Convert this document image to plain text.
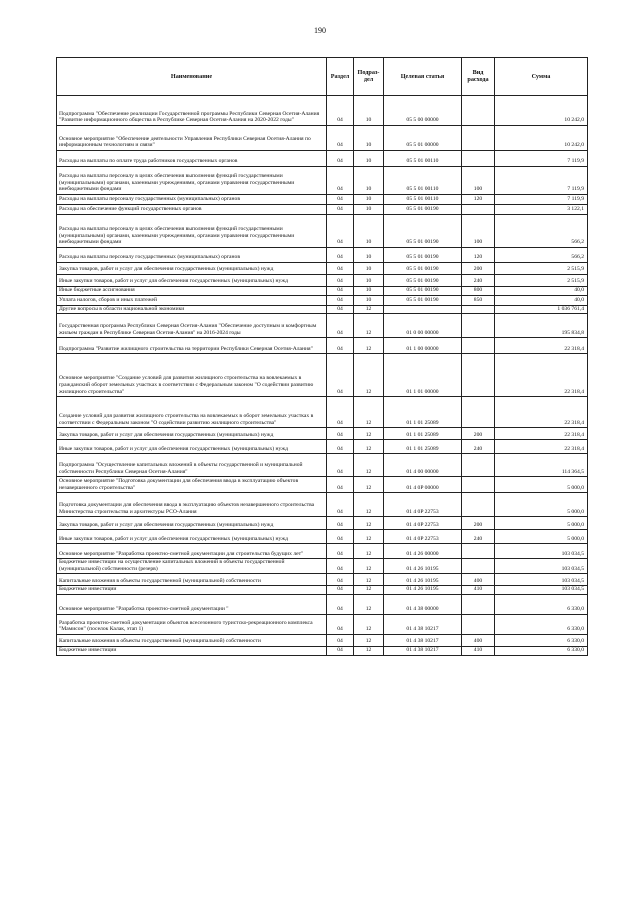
190
Наименование	Раздел	Подраз-дел	Целевая статья	Вид расхода	Сумма
Подпрограмма "Обеспечение реализации Государственной программы Республики Северная Осетия-Алания "Развитие информационного общества в Республике Северная Осетия-Алания на 2020-2022 годы"	04	10	05 5 00 00000		10 242,0
Основное мероприятие "Обеспечение деятельности Управления Республики Северная Осетия-Алания по информационным технологиям и связи"	04	10	05 5 01 00000		10 242,0
Расходы на выплаты по оплате труда работников государственных органов	04	10	05 5 01 00110		7 119,9
Расходы на выплаты персоналу в целях обеспечения выполнения функций государственными (муниципальными) органами, казенными учреждениями, органами управления государственными внебюджетными фондами	04	10	05 5 01 00110	100	7 119,9
Расходы на выплаты персоналу государственных (муниципальных) органов	04	10	05 5 01 00110	120	7 119,9
Расходы на обеспечение функций государственных органов	04	10	05 5 01 00190		3 122,1
Расходы на выплаты персоналу в целях обеспечения выполнения функций государственными (муниципальными) органами, казенными учреждениями, органами управления государственными внебюджетными фондами	04	10	05 5 01 00190	100	566,2
Расходы на выплаты персоналу государственных (муниципальных) органов	04	10	05 5 01 00190	120	566,2
Закупка товаров, работ и услуг для обеспечения государственных (муниципальных) нужд	04	10	05 5 01 00190	200	2 515,9
Иные закупки товаров, работ и услуг для обеспечения государственных (муниципальных) нужд	04	10	05 5 01 00190	240	2 515,9
Иные бюджетные ассигнования	04	10	05 5 01 00190	800	40,0
Уплата налогов, сборов и иных платежей	04	10	05 5 01 00190	850	40,0
Другие вопросы в области национальной экономики	04	12			1 036 761,4
Государственная программа Республики Северная Осетия-Алания "Обеспечение доступным и комфортным жильем граждан в Республике Северная Осетия-Алания" на 2016-2024 годы	04	12	01 0 00 00000		195 834,8
Подпрограмма "Развитие жилищного строительства на территории Республики Северная Осетия-Алания"	04	12	01 1 00 00000		22 318,4
Основное мероприятие "Создание условий для развития жилищного строительства на вовлекаемых в гражданский оборот земельных участках в соответствии с Федеральным законом "О содействии развитию жилищного строительства"	04	12	01 1 01 00000		22 318,4
Создание условий для развития жилищного строительства на вовлекаемых в оборот земельных участках в соответствии с Федеральным законом "О содействии развитию жилищного строительства"	04	12	01 1 01 25089		22 318,4
Закупка товаров, работ и услуг для обеспечения государственных (муниципальных) нужд	04	12	01 1 01 25089	200	22 318,4
Иные закупки товаров, работ и услуг для обеспечения государственных (муниципальных) нужд	04	12	01 1 01 25089	240	22 318,4
Подпрограмма "Осуществление капитальных вложений в объекты государственной и муниципальной собственности Республики Северная Осетия-Алания"	04	12	01 4 00 00000		114 364,5
Основное мероприятие "Подготовка документации для обеспечения ввода в эксплуатацию объектов незавершенного строительства"	04	12	01 4 0P 00000		5 000,0
Подготовка документации для обеспечения ввода в эксплуатацию объектов незавершенного строительства Министерства строительства и архитектуры РСО-Алания	04	12	01 4 0P 22753		5 000,0
Закупка товаров, работ и услуг для обеспечения государственных (муниципальных) нужд	04	12	01 4 0P 22753	200	5 000,0
Иные закупки товаров, работ и услуг для обеспечения государственных (муниципальных) нужд	04	12	01 4 0P 22753	240	5 000,0
Основное мероприятие "Разработка проектно-сметной документации для строительства будущих лет"	04	12	01 4 26 00000		103 034,5
Бюджетные инвестиции на осуществление капитальных вложений в объекты государственной (муниципальной) собственности (резерв)	04	12	01 4 26 10195		103 034,5
Капитальные вложения в объекты государственной (муниципальной) собственности	04	12	01 4 26 10195	400	103 034,5
Бюджетные инвестиции	04	12	01 4 26 10195	410	103 034,5
Основное мероприятие "Разработка проектно-сметной документации "	04	12	01 4 38 00000		6 330,0
Разработка проектно-сметной документации объектов всесезонного туристско-рекреационного комплекса "Мамисон" (поселок Калак, этап 1)	04	12	01 4 38 10217		6 330,0
Капитальные вложения в объекты государственной (муниципальной) собственности	04	12	01 4 38 10217	400	6 330,0
Бюджетные инвестиции	04	12	01 4 38 10217	410	6 330,0
